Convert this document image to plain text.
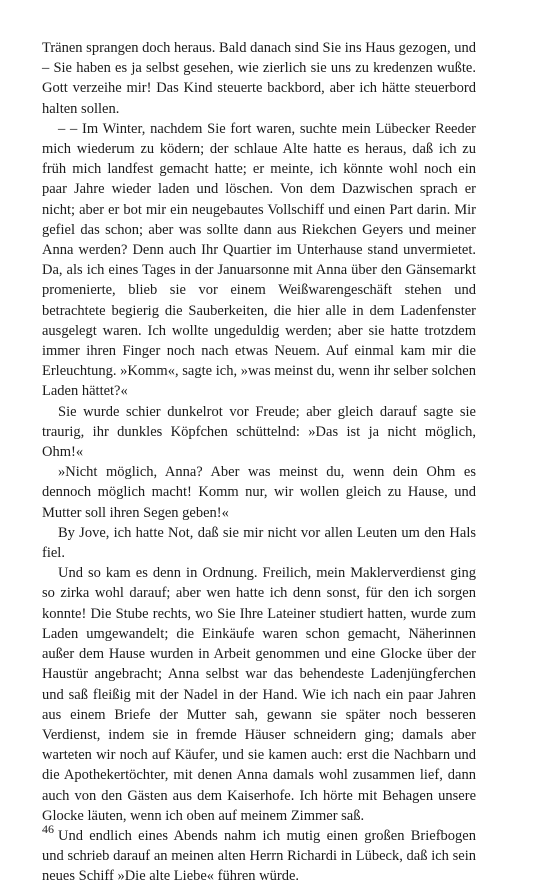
Tränen sprangen doch heraus. Bald danach sind Sie ins Haus gezogen, und – Sie haben es ja selbst gesehen, wie zierlich sie uns zu kredenzen wußte. Gott verzeihe mir! Das Kind steuerte backbord, aber ich hätte steuerbord halten sollen.

– – Im Winter, nachdem Sie fort waren, suchte mein Lübecker Reeder mich wiederum zu ködern; der schlaue Alte hatte es heraus, daß ich zu früh mich landfest gemacht hatte; er meinte, ich könnte wohl noch ein paar Jahre wieder laden und löschen. Von dem Dazwischen sprach er nicht; aber er bot mir ein neugebautes Vollschiff und einen Part darin. Mir gefiel das schon; aber was sollte dann aus Riekchen Geyers und meiner Anna werden? Denn auch Ihr Quartier im Unterhause stand unvermietet. Da, als ich eines Tages in der Januarsonne mit Anna über den Gänsemarkt promenierte, blieb sie vor einem Weißwarengeschäft stehen und betrachtete begierig die Sauberkeiten, die hier alle in dem Ladenfenster ausgelegt waren. Ich wollte ungeduldig werden; aber sie hatte trotzdem immer ihren Finger noch nach etwas Neuem. Auf einmal kam mir die Erleuchtung. »Komm«, sagte ich, »was meinst du, wenn ihr selber solchen Laden hättet?«

Sie wurde schier dunkelrot vor Freude; aber gleich darauf sagte sie traurig, ihr dunkles Köpfchen schüttelnd: »Das ist ja nicht möglich, Ohm!«

»Nicht möglich, Anna? Aber was meinst du, wenn dein Ohm es dennoch möglich macht! Komm nur, wir wollen gleich zu Hause, und Mutter soll ihren Segen geben!«

By Jove, ich hatte Not, daß sie mir nicht vor allen Leuten um den Hals fiel.

Und so kam es denn in Ordnung. Freilich, mein Maklerverdienst ging so zirka wohl darauf; aber wen hatte ich denn sonst, für den ich sorgen konnte! Die Stube rechts, wo Sie Ihre Lateiner studiert hatten, wurde zum Laden umgewandelt; die Einkäufe waren schon gemacht, Näherinnen außer dem Hause wurden in Arbeit genommen und eine Glocke über der Haustür angebracht; Anna selbst war das behendeste Ladenjüngferchen und saß fleißig mit der Nadel in der Hand. Wie ich nach ein paar Jahren aus einem Briefe der Mutter sah, gewann sie später noch besseren Verdienst, indem sie in fremde Häuser schneidern ging; damals aber warteten wir noch auf Käufer, und sie kamen auch: erst die Nachbarn und die Apothekertöchter, mit denen Anna damals wohl zusammen lief, dann auch von den Gästen aus dem Kaiserhofe. Ich hörte mit Behagen unsere Glocke läuten, wenn ich oben auf meinem Zimmer saß.

Und endlich eines Abends nahm ich mutig einen großen Briefbogen und schrieb darauf an meinen alten Herrn Richardi in Lübeck, daß ich sein neues Schiff »Die alte Liebe« führen würde.

46
